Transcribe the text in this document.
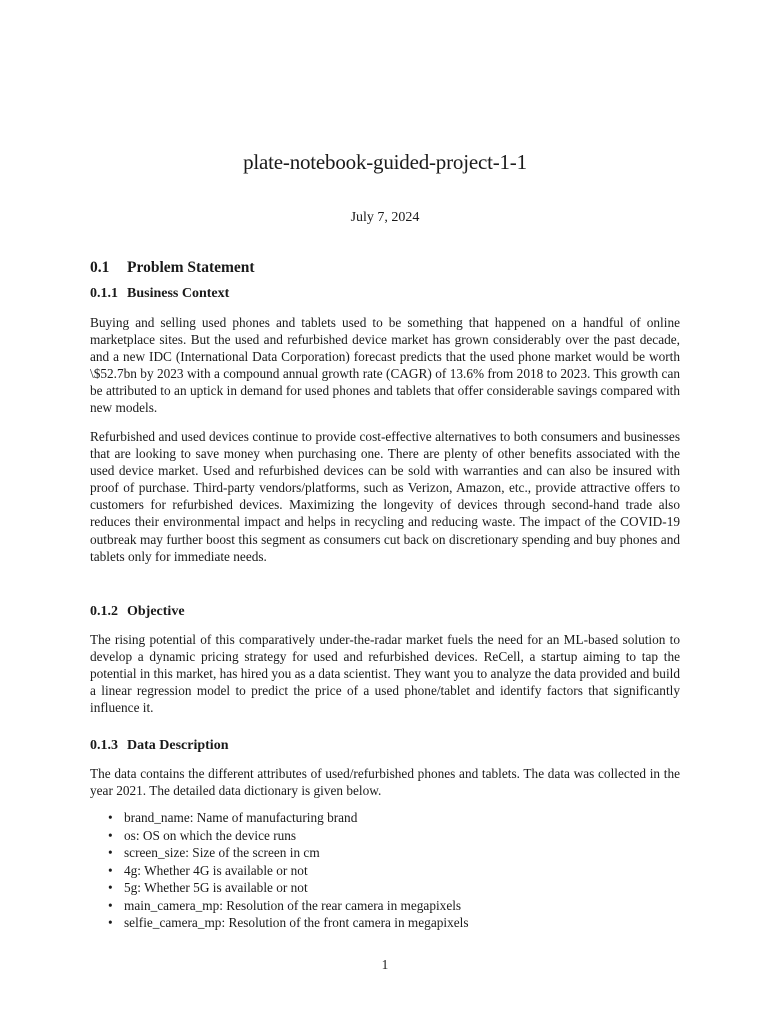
plate-notebook-guided-project-1-1
July 7, 2024
0.1 Problem Statement
0.1.1 Business Context

Buying and selling used phones and tablets used to be something that happened on a handful of online marketplace sites. But the used and refurbished device market has grown considerably over the past decade, and a new IDC (International Data Corporation) forecast predicts that the used phone market would be worth \$52.7bn by 2023 with a compound annual growth rate (CAGR) of 13.6% from 2018 to 2023. This growth can be attributed to an uptick in demand for used phones and tablets that offer considerable savings compared with new models.

Refurbished and used devices continue to provide cost-effective alternatives to both consumers and businesses that are looking to save money when purchasing one. There are plenty of other benefits associated with the used device market. Used and refurbished devices can be sold with warranties and can also be insured with proof of purchase. Third-party vendors/platforms, such as Verizon, Amazon, etc., provide attractive offers to customers for refurbished devices. Maximizing the longevity of devices through second-hand trade also reduces their environmental impact and helps in recycling and reducing waste. The impact of the COVID-19 outbreak may further boost this segment as consumers cut back on discretionary spending and buy phones and tablets only for immediate needs.

0.1.2 Objective

The rising potential of this comparatively under-the-radar market fuels the need for an ML-based solution to develop a dynamic pricing strategy for used and refurbished devices. ReCell, a startup aiming to tap the potential in this market, has hired you as a data scientist. They want you to analyze the data provided and build a linear regression model to predict the price of a used phone/tablet and identify factors that significantly influence it.

0.1.3 Data Description

The data contains the different attributes of used/refurbished phones and tablets. The data was collected in the year 2021. The detailed data dictionary is given below.

• brand_name: Name of manufacturing brand
• os: OS on which the device runs
• screen_size: Size of the screen in cm
• 4g: Whether 4G is available or not
• 5g: Whether 5G is available or not
• main_camera_mp: Resolution of the rear camera in megapixels
• selfie_camera_mp: Resolution of the front camera in megapixels
1
